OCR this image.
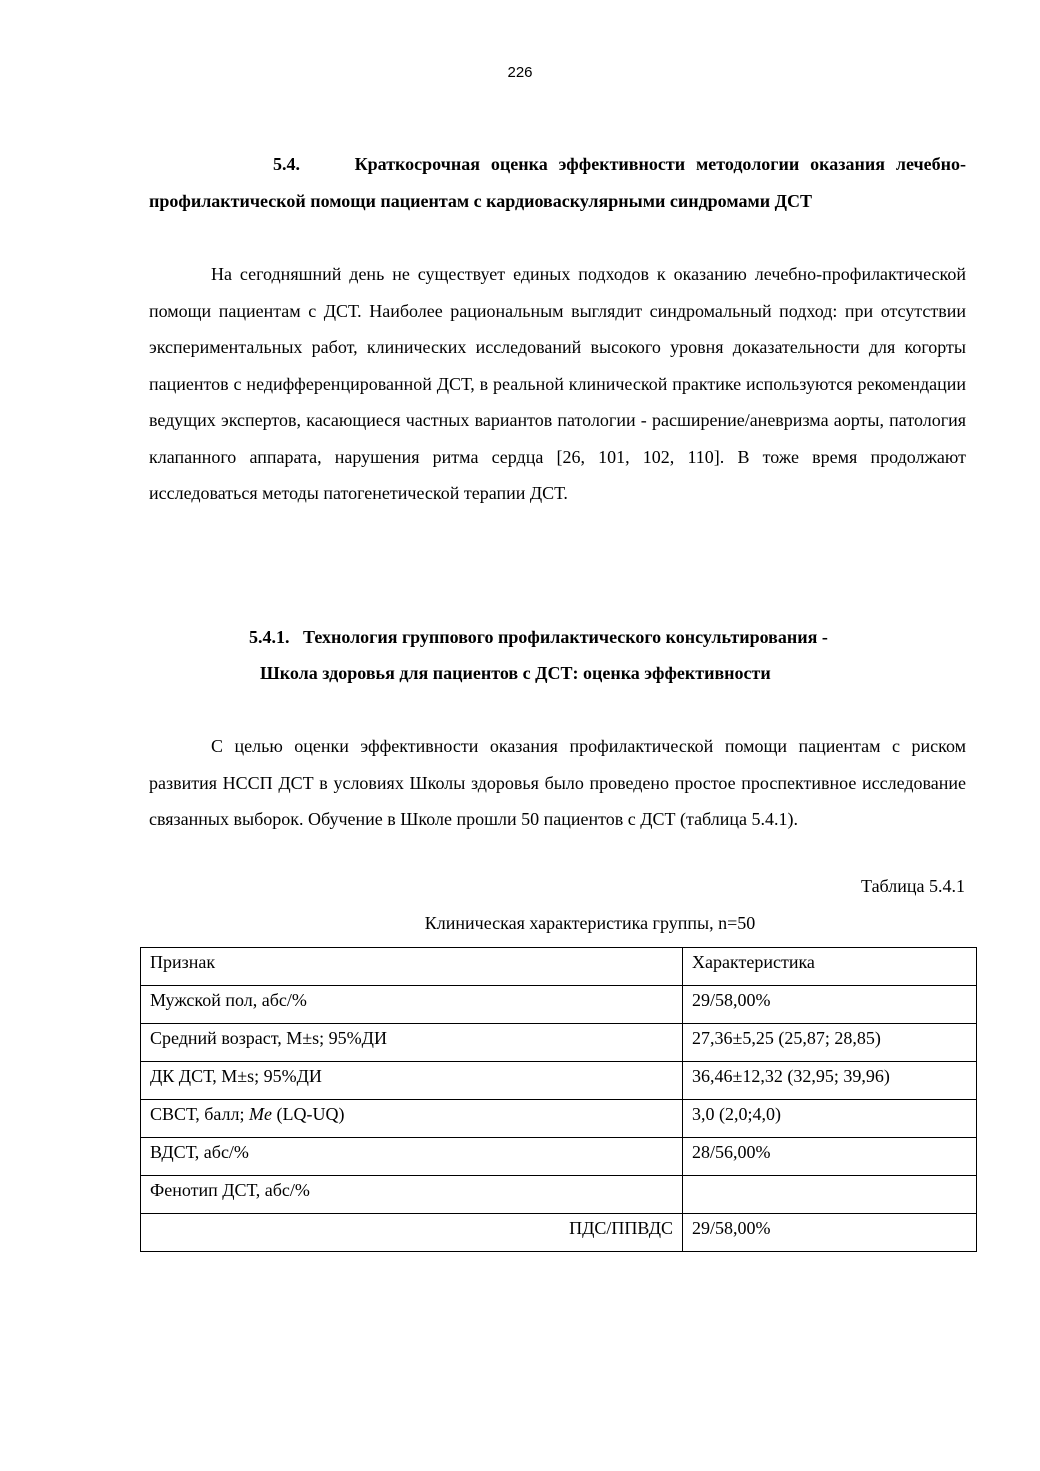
226
5.4.	Краткосрочная оценка эффективности методологии оказания лечебно-профилактической помощи пациентам с кардиоваскулярными синдромами ДСТ
На сегодняшний день не существует единых подходов к оказанию лечебно-профилактической помощи пациентам с ДСТ. Наиболее рациональным выглядит синдромальный подход: при отсутствии экспериментальных работ, клинических исследований высокого уровня доказательности для когорты пациентов с недифференцированной ДСТ, в реальной клинической практике используются рекомендации ведущих экспертов, касающиеся частных вариантов патологии - расширение/аневризма аорты, патология клапанного аппарата, нарушения ритма сердца [26, 101, 102, 110]. В тоже время продолжают исследоваться методы патогенетической терапии ДСТ.
5.4.1. Технология группового профилактического консультирования -
Школа здоровья для пациентов с ДСТ: оценка эффективности
С целью оценки эффективности оказания профилактической помощи пациентам с риском развития НССП ДСТ в условиях Школы здоровья было проведено простое проспективное исследование связанных выборок. Обучение в Школе прошли 50 пациентов с ДСТ (таблица 5.4.1).
Таблица 5.4.1
Клиническая характеристика группы, n=50
Признак	Характеристика
Мужской пол, абс/%	29/58,00%
Средний возраст, M±s; 95%ДИ	27,36±5,25 (25,87; 28,85)
ДК ДСТ, M±s; 95%ДИ	36,46±12,32 (32,95; 39,96)
СВСТ, балл; Me (LQ-UQ)	3,0 (2,0;4,0)
ВДСТ, абс/%	28/56,00%
Фенотип ДСТ, абс/%	
ПДС/ППВДС	29/58,00%
